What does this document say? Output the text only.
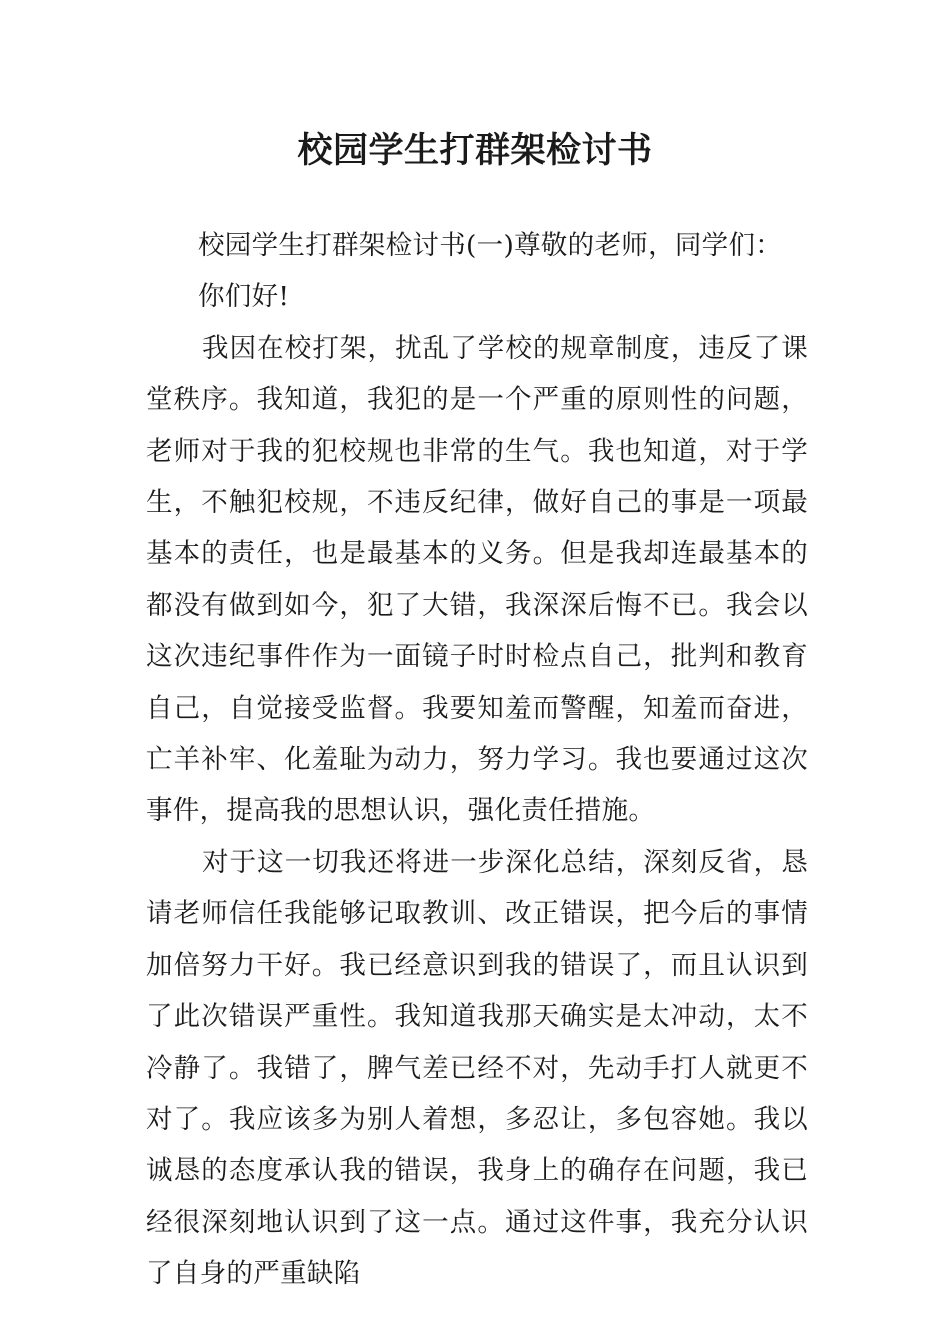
校园学生打群架检讨书

校园学生打群架检讨书(一)尊敬的老师，同学们：

你们好!

我因在校打架，扰乱了学校的规章制度，违反了课堂秩序。我知道，我犯的是一个严重的原则性的问题，老师对于我的犯校规也非常的生气。我也知道，对于学生，不触犯校规，不违反纪律，做好自己的事是一项最基本的责任，也是最基本的义务。但是我却连最基本的都没有做到如今，犯了大错，我深深后悔不已。我会以这次违纪事件作为一面镜子时时检点自己，批判和教育自己，自觉接受监督。我要知羞而警醒，知羞而奋进，亡羊补牢、化羞耻为动力，努力学习。我也要通过这次事件，提高我的思想认识，强化责任措施。

对于这一切我还将进一步深化总结，深刻反省，恳请老师信任我能够记取教训、改正错误，把今后的事情加倍努力干好。我已经意识到我的错误了，而且认识到了此次错误严重性。我知道我那天确实是太冲动，太不冷静了。我错了，脾气差已经不对，先动手打人就更不对了。我应该多为别人着想，多忍让，多包容她。我以诚恳的态度承认我的错误，我身上的确存在问题，我已经很深刻地认识到了这一点。通过这件事，我充分认识了自身的严重缺陷
